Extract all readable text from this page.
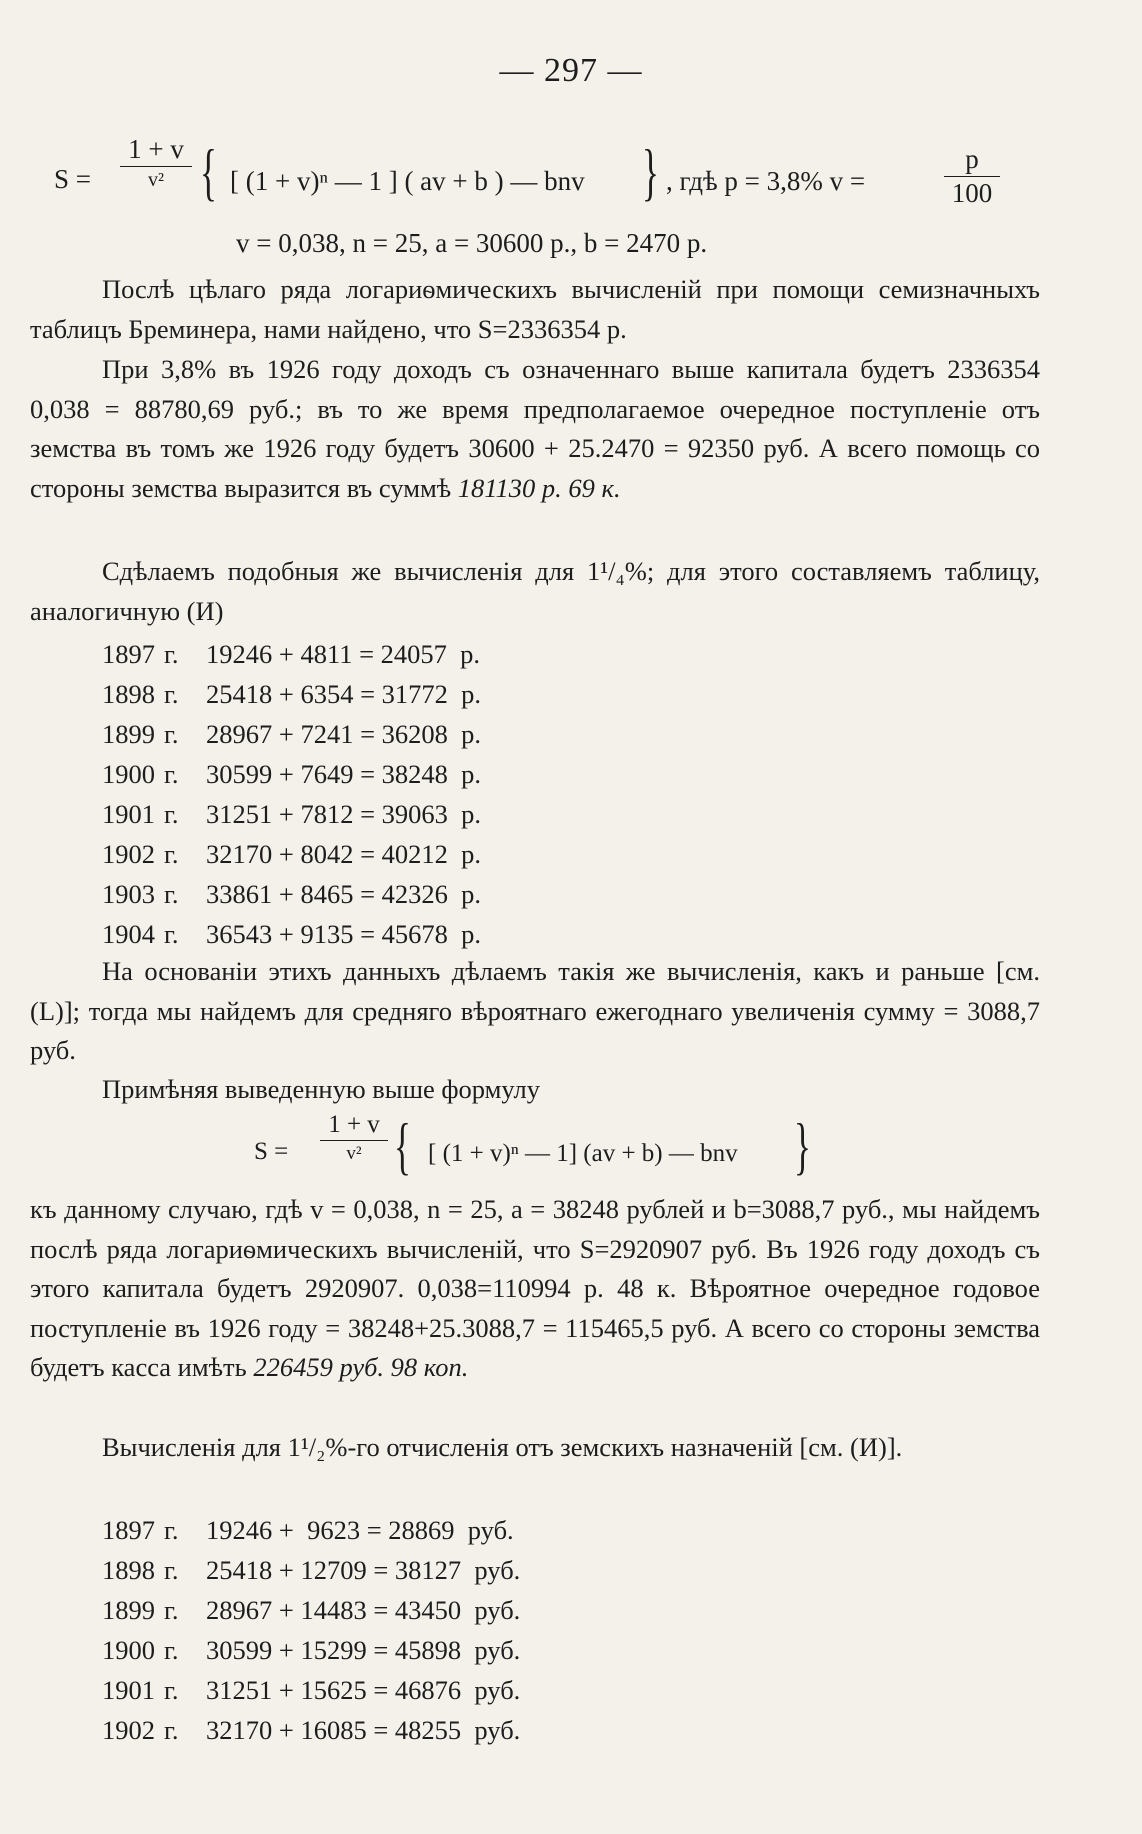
— 297 —
S =
1 + v
v² { [ (1 + v)ⁿ — 1 ] ( av + b ) — bnv } , гдѣ p = 3,8% v =
p
100
v = 0,038, n = 25, a = 30600 р., b = 2470 р.
Послѣ цѣлаго ряда логариѳмическихъ вычисленій при помощи семизначныхъ таблицъ Бреминера, нами найдено, что S=2336354 р.
При 3,8% въ 1926 году доходъ съ означеннаго выше капитала будетъ 2336354 0,038 = 88780,69 руб.; въ то же время предполагаемое очередное поступленіе отъ земства въ томъ же 1926 году будетъ 30600 + 25.2470 = 92350 руб. А всего помощь со стороны земства выразится въ суммѣ 181130 р. 69 к.
Сдѣлаемъ подобныя же вычисленія для 1¹/₄%; для этого составляемъ таблицу, аналогичную (И)
1897 г. 19246 + 4811 = 24057 р.
1898 г. 25418 + 6354 = 31772 р.
1899 г. 28967 + 7241 = 36208 р.
1900 г. 30599 + 7649 = 38248 р.
1901 г. 31251 + 7812 = 39063 р.
1902 г. 32170 + 8042 = 40212 р.
1903 г. 33861 + 8465 = 42326 р.
1904 г. 36543 + 9135 = 45678 р.
На основаніи этихъ данныхъ дѣлаемъ такія же вычисленія, какъ и раньше [см. (L)]; тогда мы найдемъ для средняго вѣроятнаго ежегоднаго увеличенія сумму = 3088,7 руб.
Примѣняя выведенную выше формулу
S =
1 + v
v² { [ (1 + v)ⁿ — 1] (av + b) — bnv }
къ данному случаю, гдѣ v = 0,038, n = 25, a = 38248 рублей и b=3088,7 руб., мы найдемъ послѣ ряда логариѳмическихъ вычисленій, что S=2920907 руб. Въ 1926 году доходъ съ этого капитала будетъ 2920907. 0,038=110994 р. 48 к. Вѣроятное очередное годовое поступленіе въ 1926 году = 38248+25.3088,7 = 115465,5 руб. А всего со стороны земства будетъ касса имѣть 226459 руб. 98 коп.
Вычисленія для 1¹/₂%-го отчисленія отъ земскихъ назначеній [см. (И)].
1897 г. 19246 +  9623 = 28869 руб.
1898 г. 25418 + 12709 = 38127 руб.
1899 г. 28967 + 14483 = 43450 руб.
1900 г. 30599 + 15299 = 45898 руб.
1901 г. 31251 + 15625 = 46876 руб.
1902 г. 32170 + 16085 = 48255 руб.
